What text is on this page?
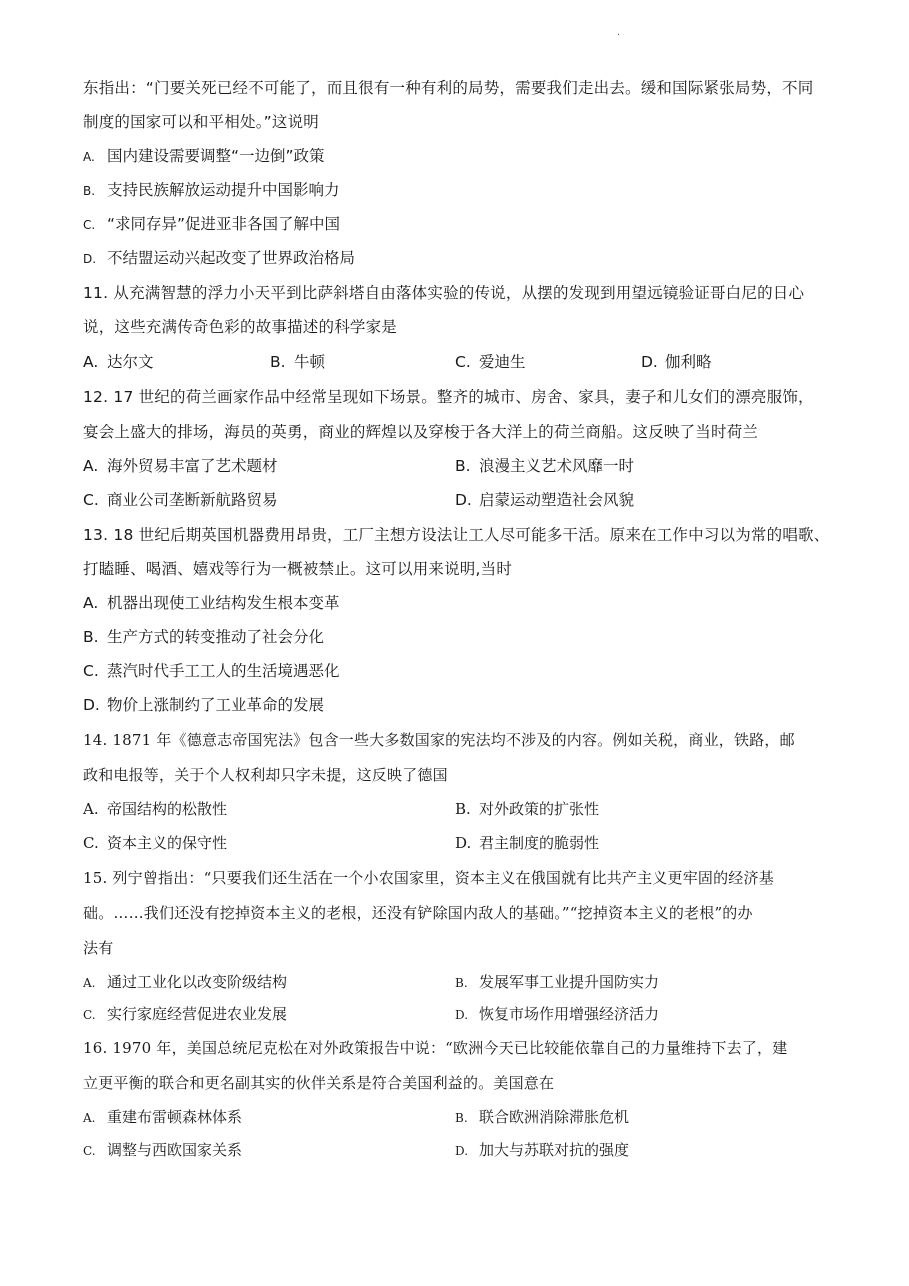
·
东指出：“门要关死已经不可能了，而且很有一种有利的局势，需要我们走出去。缓和国际紧张局势，不同
制度的国家可以和平相处。”这说明
A. 国内建设需要调整“一边倒”政策
B. 支持民族解放运动提升中国影响力
C. “求同存异”促进亚非各国了解中国
D. 不结盟运动兴起改变了世界政治格局
11. 从充满智慧的浮力小天平到比萨斜塔自由落体实验的传说，从摆的发现到用望远镜验证哥白尼的日心
说，这些充满传奇色彩的故事描述的科学家是
A. 达尔文	B. 牛顿	C. 爱迪生	D. 伽利略
12. 17 世纪的荷兰画家作品中经常呈现如下场景。整齐的城市、房舍、家具，妻子和儿女们的漂亮服饰，
宴会上盛大的排场，海员的英勇，商业的辉煌以及穿梭于各大洋上的荷兰商船。这反映了当时荷兰
A. 海外贸易丰富了艺术题材	B. 浪漫主义艺术风靡一时
C. 商业公司垄断新航路贸易	D. 启蒙运动塑造社会风貌
13. 18 世纪后期英国机器费用昂贵，工厂主想方设法让工人尽可能多干活。原来在工作中习以为常的唱歌、
打瞌睡、喝酒、嬉戏等行为一概被禁止。这可以用来说明,当时
A. 机器出现使工业结构发生根本变革
B. 生产方式的转变推动了社会分化
C. 蒸汽时代手工工人的生活境遇恶化
D. 物价上涨制约了工业革命的发展
14. 1871 年《德意志帝国宪法》包含一些大多数国家的宪法均不涉及的内容。例如关税，商业，铁路，邮
政和电报等，关于个人权利却只字未提，这反映了德国
A. 帝国结构的松散性	B. 对外政策的扩张性
C. 资本主义的保守性	D. 君主制度的脆弱性
15. 列宁曾指出：“只要我们还生活在一个小农国家里，资本主义在俄国就有比共产主义更牢固的经济基
础。……我们还没有挖掉资本主义的老根，还没有铲除国内敌人的基础。”“挖掉资本主义的老根”的办
法有
A. 通过工业化以改变阶级结构	B. 发展军事工业提升国防实力
C. 实行家庭经营促进农业发展	D. 恢复市场作用增强经济活力
16. 1970 年，美国总统尼克松在对外政策报告中说：“欧洲今天已比较能依靠自己的力量维持下去了，建
立更平衡的联合和更名副其实的伙伴关系是符合美国利益的。美国意在
A. 重建布雷顿森林体系	B. 联合欧洲消除滞胀危机
C. 调整与西欧国家关系	D. 加大与苏联对抗的强度
